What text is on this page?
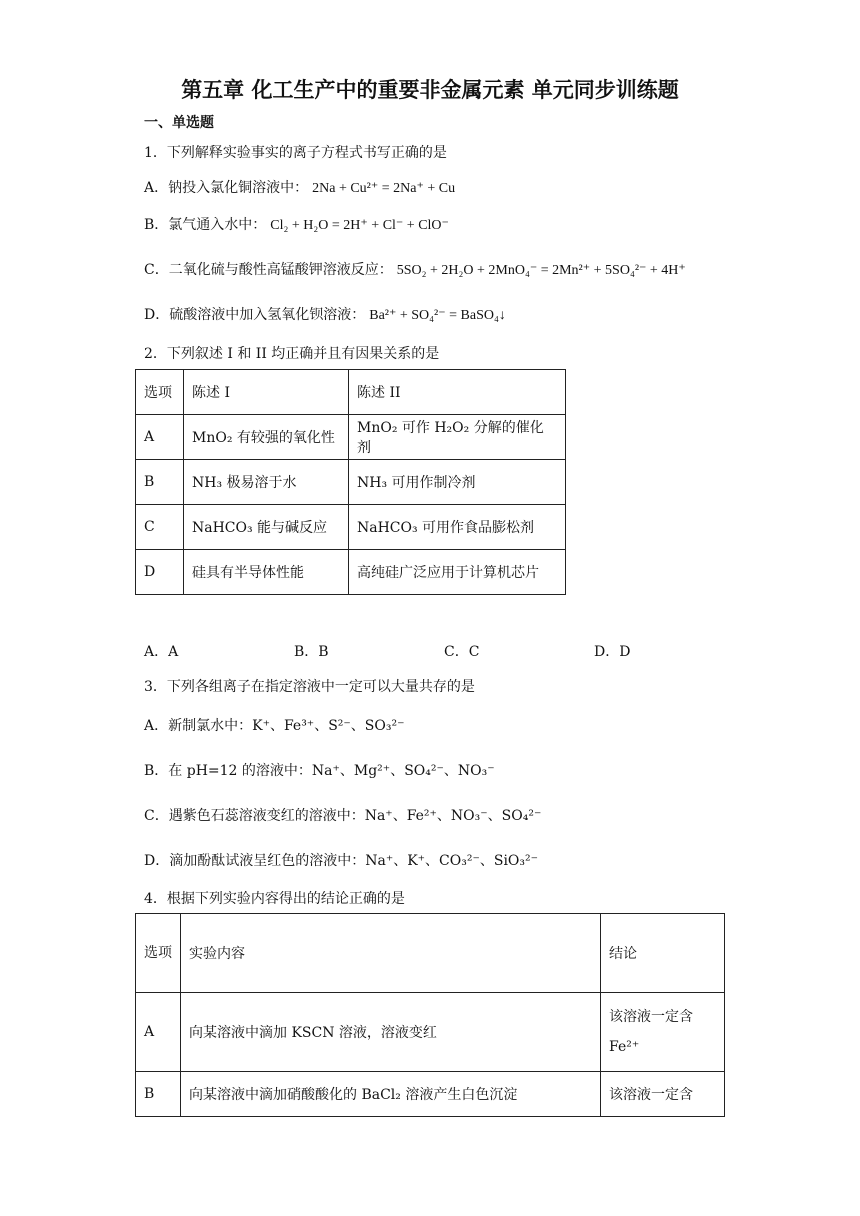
第五章 化工生产中的重要非金属元素 单元同步训练题
一、单选题
1．下列解释实验事实的离子方程式书写正确的是
A．钠投入氯化铜溶液中： 2Na + Cu²⁺ = 2Na⁺ + Cu
B．氯气通入水中： Cl₂ + H₂O = 2H⁺ + Cl⁻ + ClO⁻
C．二氧化硫与酸性高锰酸钾溶液反应： 5SO₂ + 2H₂O + 2MnO₄⁻ = 2Mn²⁺ + 5SO₄²⁻ + 4H⁺
D．硫酸溶液中加入氢氧化钡溶液： Ba²⁺ + SO₄²⁻ = BaSO₄↓
2．下列叙述 I 和 II 均正确并且有因果关系的是
选项	陈述 I	陈述 II
A	MnO₂ 有较强的氧化性	MnO₂ 可作 H₂O₂ 分解的催化剂
B	NH₃ 极易溶于水	NH₃ 可用作制冷剂
C	NaHCO₃ 能与碱反应	NaHCO₃ 可用作食品膨松剂
D	硅具有半导体性能	高纯硅广泛应用于计算机芯片
A．A	B．B	C．C	D．D
3．下列各组离子在指定溶液中一定可以大量共存的是
A．新制氯水中：K⁺、Fe³⁺、S²⁻、SO₃²⁻
B．在 pH=12 的溶液中：Na⁺、Mg²⁺、SO₄²⁻、NO₃⁻
C．遇紫色石蕊溶液变红的溶液中：Na⁺、Fe²⁺、NO₃⁻、SO₄²⁻
D．滴加酚酞试液呈红色的溶液中：Na⁺、K⁺、CO₃²⁻、SiO₃²⁻
4．根据下列实验内容得出的结论正确的是
选项	实验内容	结论
A	向某溶液中滴加 KSCN 溶液，溶液变红	该溶液一定含 Fe²⁺
B	向某溶液中滴加硝酸酸化的 BaCl₂ 溶液产生白色沉淀	该溶液一定含
